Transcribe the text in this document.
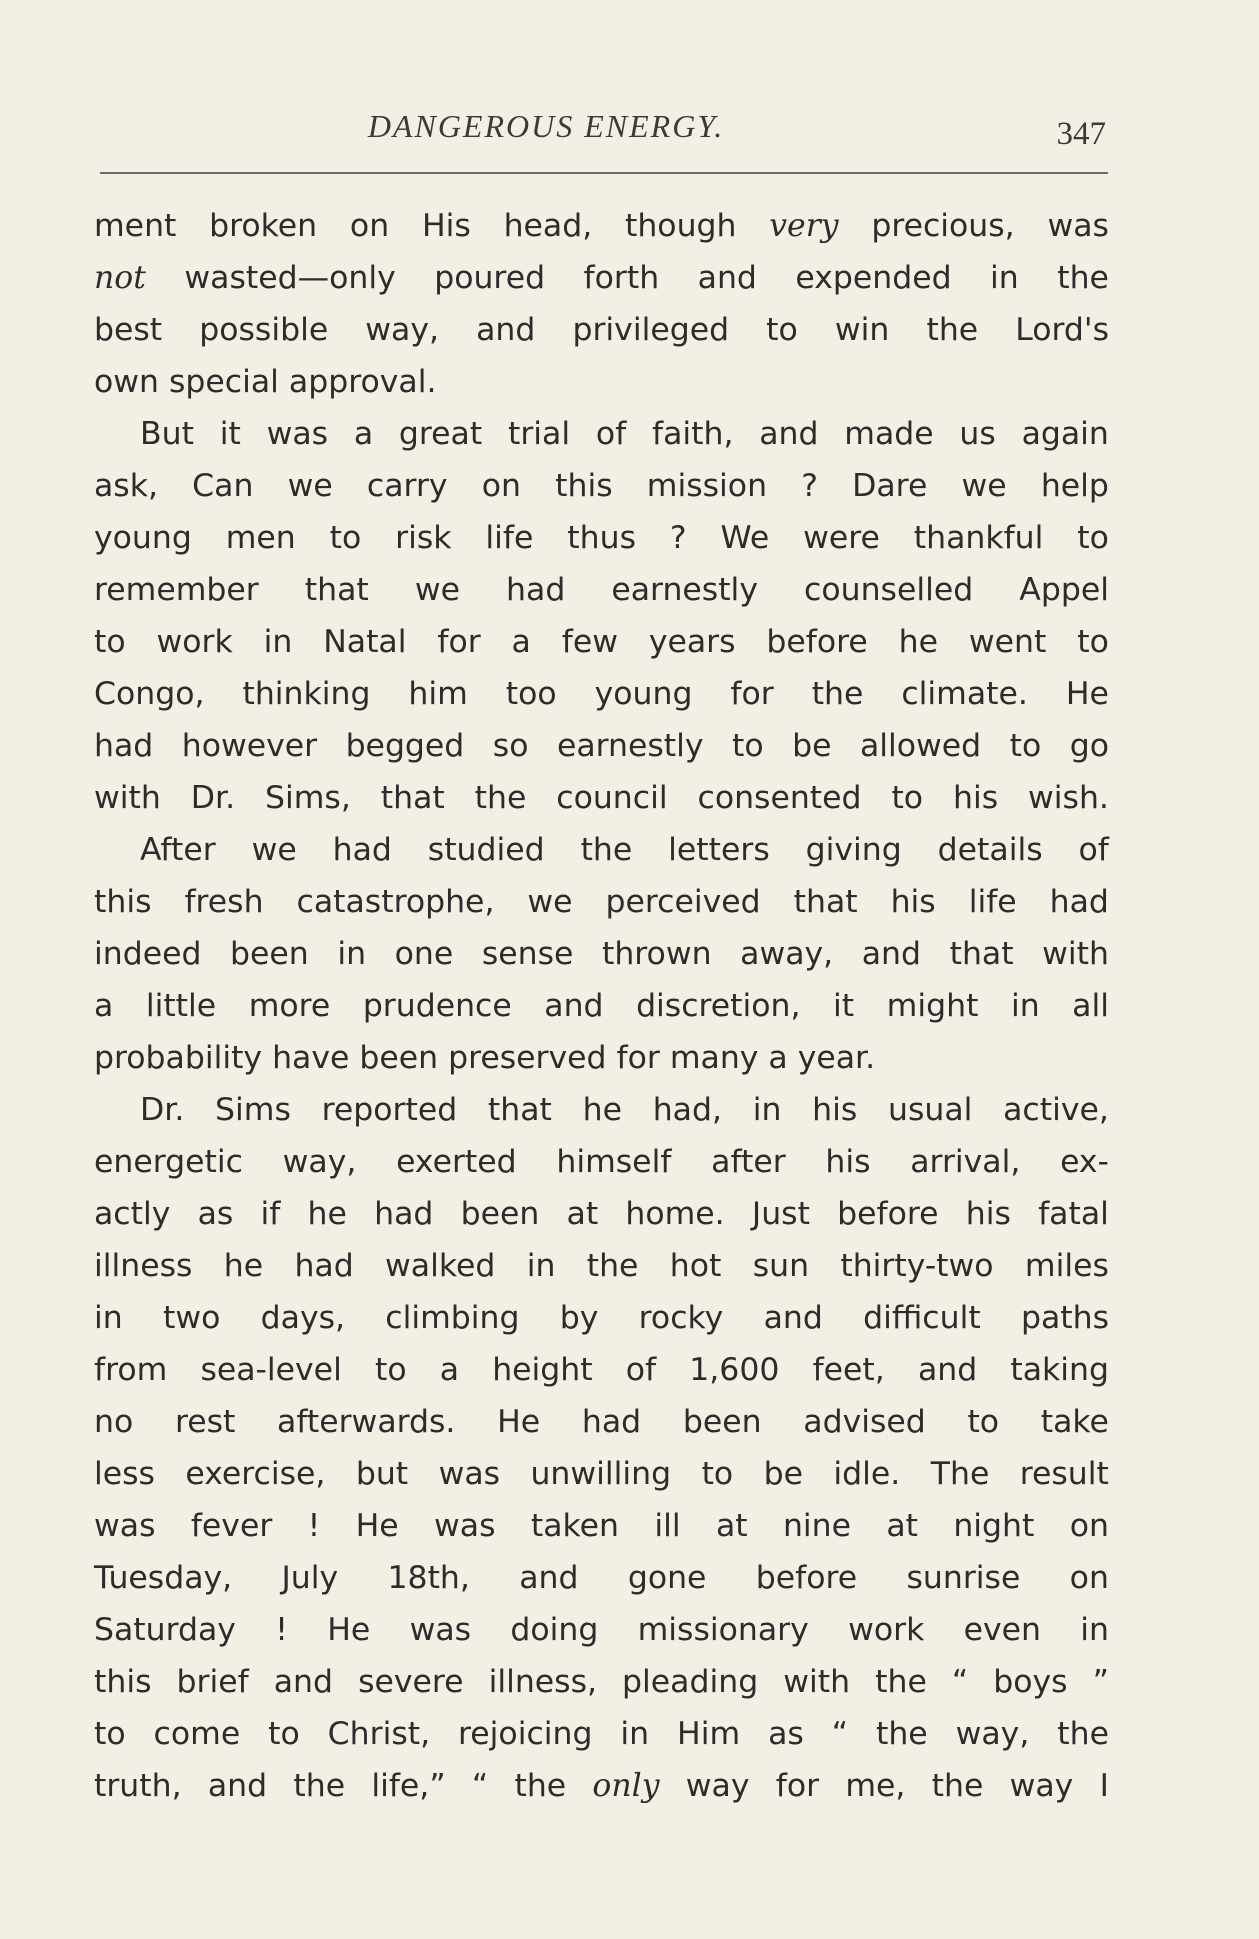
DANGEROUS ENERGY.	347
ment broken on His head, though very precious, was
not wasted—only poured forth and expended in the
best possible way, and privileged to win the Lord's
own special approval.
But it was a great trial of faith, and made us again
ask, Can we carry on this mission ? Dare we help
young men to risk life thus ? We were thankful to
remember that we had earnestly counselled Appel
to work in Natal for a few years before he went to
Congo, thinking him too young for the climate. He
had however begged so earnestly to be allowed to go
with Dr. Sims, that the council consented to his wish.
After we had studied the letters giving details of
this fresh catastrophe, we perceived that his life had
indeed been in one sense thrown away, and that with
a little more prudence and discretion, it might in all
probability have been preserved for many a year.
Dr. Sims reported that he had, in his usual active,
energetic way, exerted himself after his arrival, ex-
actly as if he had been at home. Just before his fatal
illness he had walked in the hot sun thirty-two miles
in two days, climbing by rocky and difficult paths
from sea-level to a height of 1,600 feet, and taking
no rest afterwards. He had been advised to take
less exercise, but was unwilling to be idle. The result
was fever ! He was taken ill at nine at night on
Tuesday, July 18th, and gone before sunrise on
Saturday ! He was doing missionary work even in
this brief and severe illness, pleading with the “ boys ”
to come to Christ, rejoicing in Him as “ the way, the
truth, and the life,” “ the only way for me, the way I
